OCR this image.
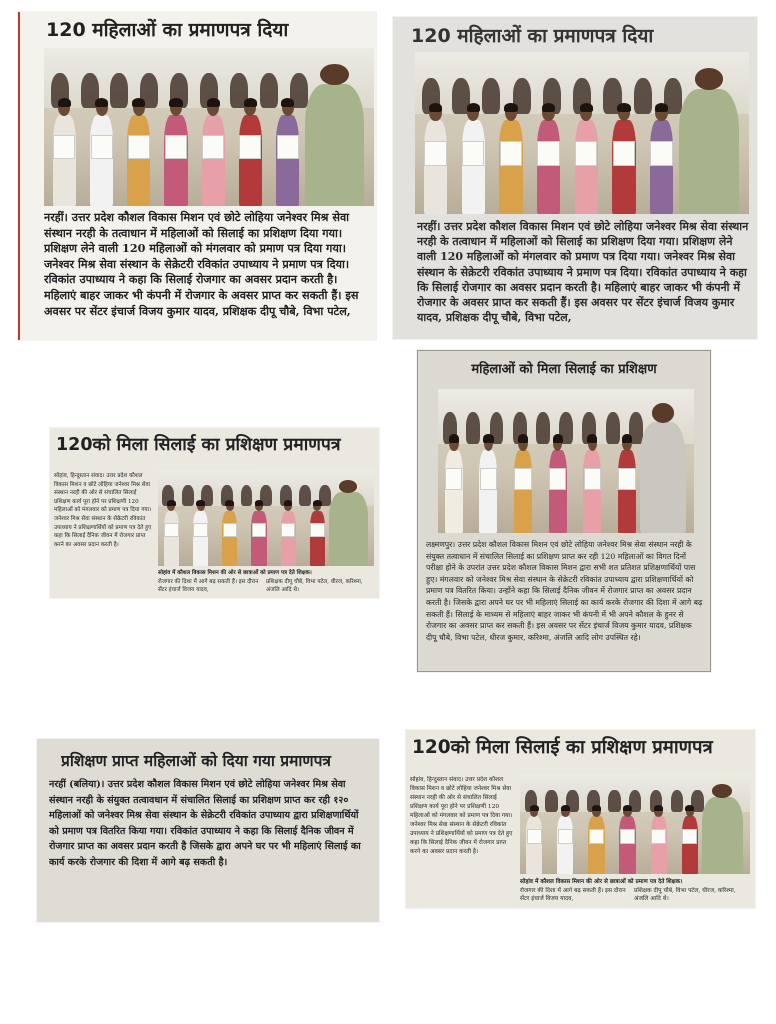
120 महिलाओं का प्रमाणपत्र दिया
नरहीं। उत्तर प्रदेश कौशल विकास मिशन एवं छोटे लोहिया जनेश्वर मिश्र सेवा संस्थान नरही के तत्वाधान में महिलाओं को सिलाई का प्रशिक्षण दिया गया। प्रशिक्षण लेने वाली 120 महिलाओं को मंगलवार को प्रमाण पत्र दिया गया। जनेश्वर मिश्र सेवा संस्थान के सेक्रेटरी रविकांत उपाध्याय ने प्रमाण पत्र दिया। रविकांत उपाध्याय ने कहा कि सिलाई रोजगार का अवसर प्रदान करती है। महिलाएं बाहर जाकर भी कंपनी में रोजगार के अवसर प्राप्त कर सकती हैं। इस अवसर पर सेंटर इंचार्ज विजय कुमार यादव, प्रशिक्षक दीपू चौबे, विभा पटेल,
120 महिलाओं का प्रमाणपत्र दिया
नरहीं। उत्तर प्रदेश कौशल विकास मिशन एवं छोटे लोहिया जनेश्वर मिश्र सेवा संस्थान नरही के तत्वाधान में महिलाओं को सिलाई का प्रशिक्षण दिया गया। प्रशिक्षण लेने वाली 120 महिलाओं को मंगलवार को प्रमाण पत्र दिया गया। जनेश्वर मिश्र सेवा संस्थान के सेक्रेटरी रविकांत उपाध्याय ने प्रमाण पत्र दिया। रविकांत उपाध्याय ने कहा कि सिलाई रोजगार का अवसर प्रदान करती है। महिलाएं बाहर जाकर भी कंपनी में रोजगार के अवसर प्राप्त कर सकती हैं। इस अवसर पर सेंटर इंचार्ज विजय कुमार यादव, प्रशिक्षक दीपू चौबे, विभा पटेल,
120को मिला सिलाई का प्रशिक्षण प्रमाणपत्र
सोहांव, हिन्दुस्तान संवाद। उत्तर प्रदेश कौशल विकास मिशन व छोटे लोहिया जनेश्वर मिश्र सेवा संस्थान नरही की ओर से संचालित सिलाई प्रशिक्षण कार्य पूरा होने पर प्रशिक्षणी 120 महिलाओं को मंगलवार को प्रमाण पत्र दिया गया। जनेश्वर मिश्र सेवा संस्थान के सेक्रेटरी रविकांत उपाध्याय ने प्रशिक्षणार्थियों को प्रमाण पत्र देते हुए कहा कि सिलाई दैनिक जीवन में रोजगार प्राप्त करने का अवसर प्रदान करती है।
सोहांव में कौशल विकास मिशन की ओर से छात्राओं को प्रमाण पत्र देते शिक्षक।
रोजगार की दिशा में आगे बढ़ सकती हैं। इस दौरान सेंटर इंचार्ज विजय यादव,
प्रशिक्षक दीपू चौबे, विभा पटेल, धीरज, करिश्मा, अंजलि आदि थे।
महिलाओं को मिला सिलाई का प्रशिक्षण
लक्ष्मणपुर। उत्तर प्रदेश कौशल विकास मिशन एवं छोटे लोहिया जनेश्वर मिश्र सेवा संस्थान नरही के संयुक्त तत्वाधान में संचालित सिलाई का प्रशिक्षण प्राप्त कर रही 120 महिलाओं का विगत दिनों परीक्षा होने के उपरांत उत्तर प्रदेश कौशल विकास मिशन द्वारा सभी शत प्रतिशत प्रशिक्षणार्थियों पास हुए। मंगलवार को जनेश्वर मिश्र सेवा संस्थान के सेक्रेटरी रविकांत उपाध्याय द्वारा प्रशिक्षणार्थियों को प्रमाण पत्र वितरित किया। उन्होंने कहा कि सिलाई दैनिक जीवन में रोजगार प्राप्त का अवसर प्रदान करती है। जिसके द्वारा अपने घर पर भी महिलाएं सिलाई का कार्य करके रोजगार की दिशा में आगे बढ़ सकती हैं। सिलाई के माध्यम से महिलाएं बाहर जाकर भी कंपनी में भी अपने कौशल के हुनर से रोजगार का अवसर प्राप्त कर सकती हैं। इस अवसर पर सेंटर इंचार्ज विजय कुमार यादव, प्रशिक्षक दीपू चौबे, विभा पटेल, धीरज कुमार, करिश्मा, अंजलि आदि लोग उपस्थित रहे।
प्रशिक्षण प्राप्त महिलाओं को दिया गया प्रमाणपत्र
नरहीं (बलिया)। उत्तर प्रदेश कौशल विकास मिशन एवं छोटे लोहिया जनेश्वर मिश्र सेवा संस्थान नरही के संयुक्त तत्वावधान में संचालित सिलाई का प्रशिक्षण प्राप्त कर रही १२० महिलाओं को जनेश्वर मिश्र सेवा संस्थान के सेक्रेटरी रविकांत उपाध्याय द्वारा प्रशिक्षणार्थियों को प्रमाण पत्र वितरित किया गया। रविकांत उपाध्याय ने कहा कि सिलाई दैनिक जीवन में रोजगार प्राप्त का अवसर प्रदान करती है जिसके द्वारा अपने घर पर भी महिलाएं सिलाई का कार्य करके रोजगार की दिशा में आगे बढ़ सकती है।
120को मिला सिलाई का प्रशिक्षण प्रमाणपत्र
सोहांव, हिन्दुस्तान संवाद। उत्तर प्रदेश कौशल विकास मिशन व छोटे लोहिया जनेश्वर मिश्र सेवा संस्थान नरही की ओर से संचालित सिलाई प्रशिक्षण कार्य पूरा होने पर प्रशिक्षणी 120 महिलाओं को मंगलवार को प्रमाण पत्र दिया गया। जनेश्वर मिश्र सेवा संस्थान के सेक्रेटरी रविकांत उपाध्याय ने प्रशिक्षणार्थियों को प्रमाण पत्र देते हुए कहा कि सिलाई दैनिक जीवन में रोजगार प्राप्त करने का अवसर प्रदान करती है।
सोहांव में कौशल विकास मिशन की ओर से छात्राओं को प्रमाण पत्र देते शिक्षक।
रोजगार की दिशा में आगे बढ़ सकती हैं। इस दौरान सेंटर इंचार्ज विजय यादव,
प्रशिक्षक दीपू चौबे, विभा पटेल, धीरज, करिश्मा, अंजलि आदि थे।
